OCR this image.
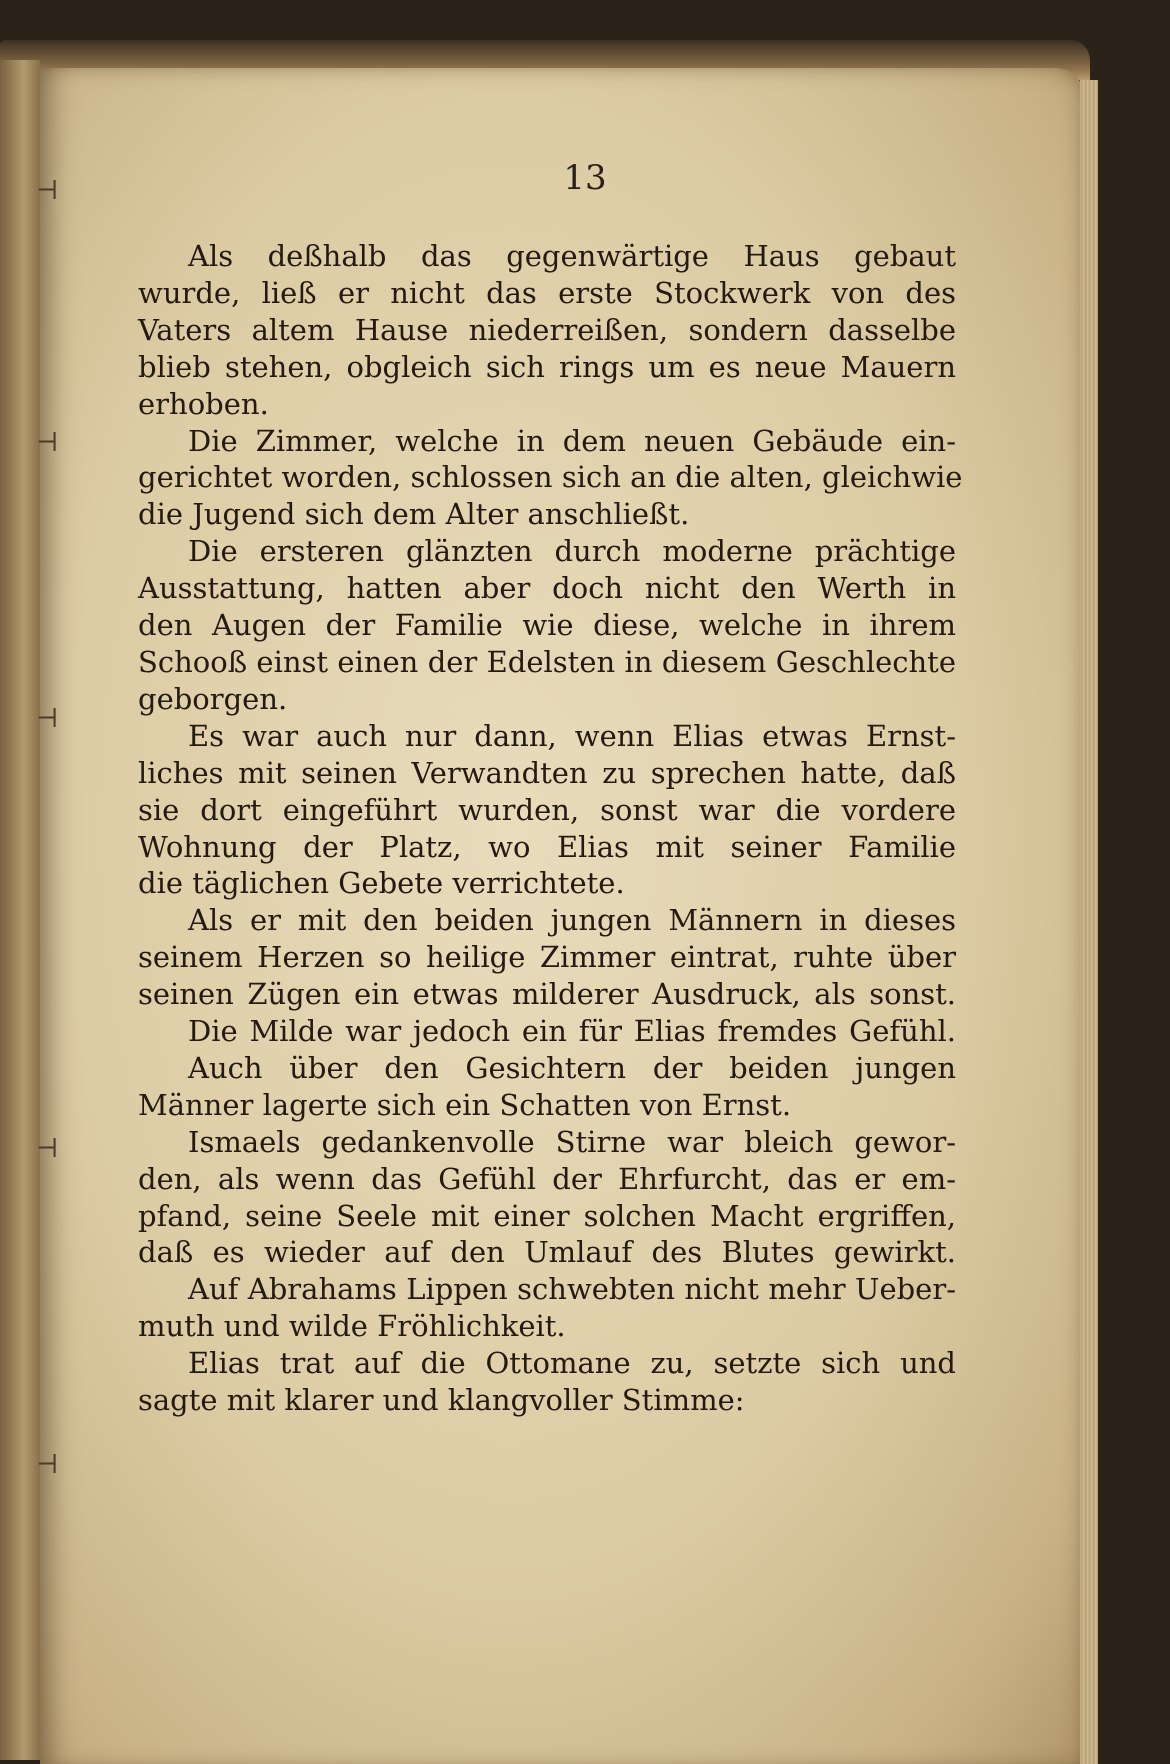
⊣
⊣
⊣
⊣
⊣
13
Als deßhalb das gegenwärtige Haus gebaut
wurde, ließ er nicht das erste Stockwerk von des
Vaters altem Hause niederreißen, sondern dasselbe
blieb stehen, obgleich sich rings um es neue Mauern
erhoben.
Die Zimmer, welche in dem neuen Gebäude ein-
gerichtet worden, schlossen sich an die alten, gleichwie
die Jugend sich dem Alter anschließt.
Die ersteren glänzten durch moderne prächtige
Ausstattung, hatten aber doch nicht den Werth in
den Augen der Familie wie diese, welche in ihrem
Schooß einst einen der Edelsten in diesem Geschlechte
geborgen.
Es war auch nur dann, wenn Elias etwas Ernst-
liches mit seinen Verwandten zu sprechen hatte, daß
sie dort eingeführt wurden, sonst war die vordere
Wohnung der Platz, wo Elias mit seiner Familie
die täglichen Gebete verrichtete.
Als er mit den beiden jungen Männern in dieses
seinem Herzen so heilige Zimmer eintrat, ruhte über
seinen Zügen ein etwas milderer Ausdruck, als sonst.
Die Milde war jedoch ein für Elias fremdes Gefühl.
Auch über den Gesichtern der beiden jungen
Männer lagerte sich ein Schatten von Ernst.
Ismaels gedankenvolle Stirne war bleich gewor-
den, als wenn das Gefühl der Ehrfurcht, das er em-
pfand, seine Seele mit einer solchen Macht ergriffen,
daß es wieder auf den Umlauf des Blutes gewirkt.
Auf Abrahams Lippen schwebten nicht mehr Ueber-
muth und wilde Fröhlichkeit.
Elias trat auf die Ottomane zu, setzte sich und
sagte mit klarer und klangvoller Stimme:
